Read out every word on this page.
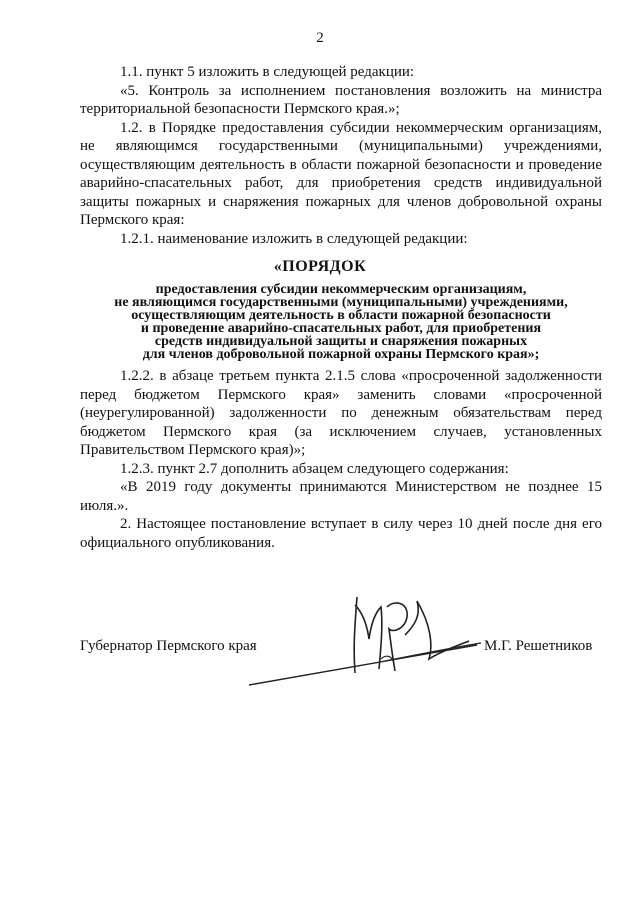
2

1.1. пункт 5 изложить в следующей редакции:

«5. Контроль за исполнением постановления возложить на министра территориальной безопасности Пермского края.»;

1.2. в Порядке предоставления субсидии некоммерческим организациям, не являющимся государственными (муниципальными) учреждениями, осуществляющим деятельность в области пожарной безопасности и проведение аварийно-спасательных работ, для приобретения средств индивидуальной защиты пожарных и снаряжения пожарных для членов добровольной охраны Пермского края:

1.2.1. наименование изложить в следующей редакции:

«ПОРЯДОК
предоставления субсидии некоммерческим организациям,
не являющимся государственными (муниципальными) учреждениями,
осуществляющим деятельность в области пожарной безопасности
и проведение аварийно-спасательных работ, для приобретения
средств индивидуальной защиты и снаряжения пожарных
для членов добровольной пожарной охраны Пермского края»;

1.2.2. в абзаце третьем пункта 2.1.5 слова «просроченной задолженности перед бюджетом Пермского края» заменить словами «просроченной (неурегулированной) задолженности по денежным обязательствам перед бюджетом Пермского края (за исключением случаев, установленных Правительством Пермского края)»;

1.2.3. пункт 2.7 дополнить абзацем следующего содержания:

«В 2019 году документы принимаются Министерством не позднее 15 июля.».

2. Настоящее постановление вступает в силу через 10 дней после дня его официального опубликования.

Губернатор Пермского края	М.Г. Решетников
